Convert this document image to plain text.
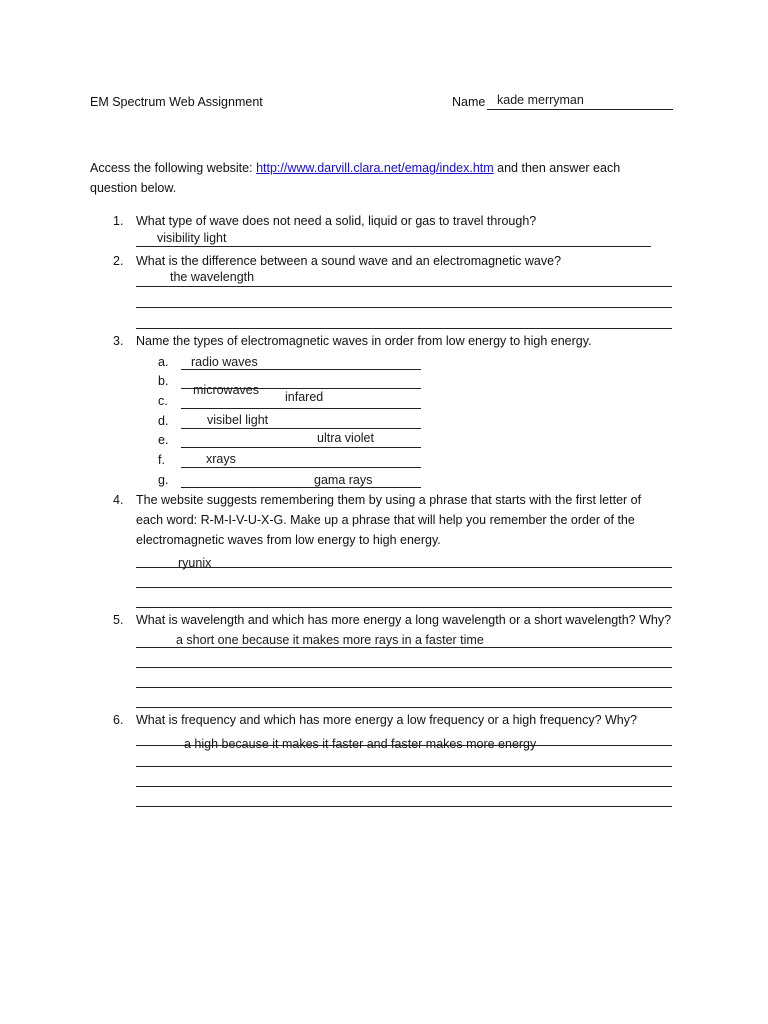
EM Spectrum Web Assignment	Name kade merryman
Access the following website: http://www.darvill.clara.net/emag/index.htm and then answer each
question below.
1. What type of wave does not need a solid, liquid or gas to travel through?
visibility light
2. What is the difference between a sound wave and an electromagnetic wave?
the wavelength
3. Name the types of electromagnetic waves in order from low energy to high energy.
a. radio waves
b.
microwaves
c.	infared
d.	visibel light
e.	ultra violet
f.	xrays
g.	gama rays
4. The website suggests remembering them by using a phrase that starts with the first letter of
each word: R-M-I-V-U-X-G. Make up a phrase that will help you remember the order of the
electromagnetic waves from low energy to high energy.
ryunix
5. What is wavelength and which has more energy a long wavelength or a short wavelength? Why?
a short one because it makes more rays in a faster time
6. What is frequency and which has more energy a low frequency or a high frequency? Why?
a high because it makes it faster and faster makes more energy
